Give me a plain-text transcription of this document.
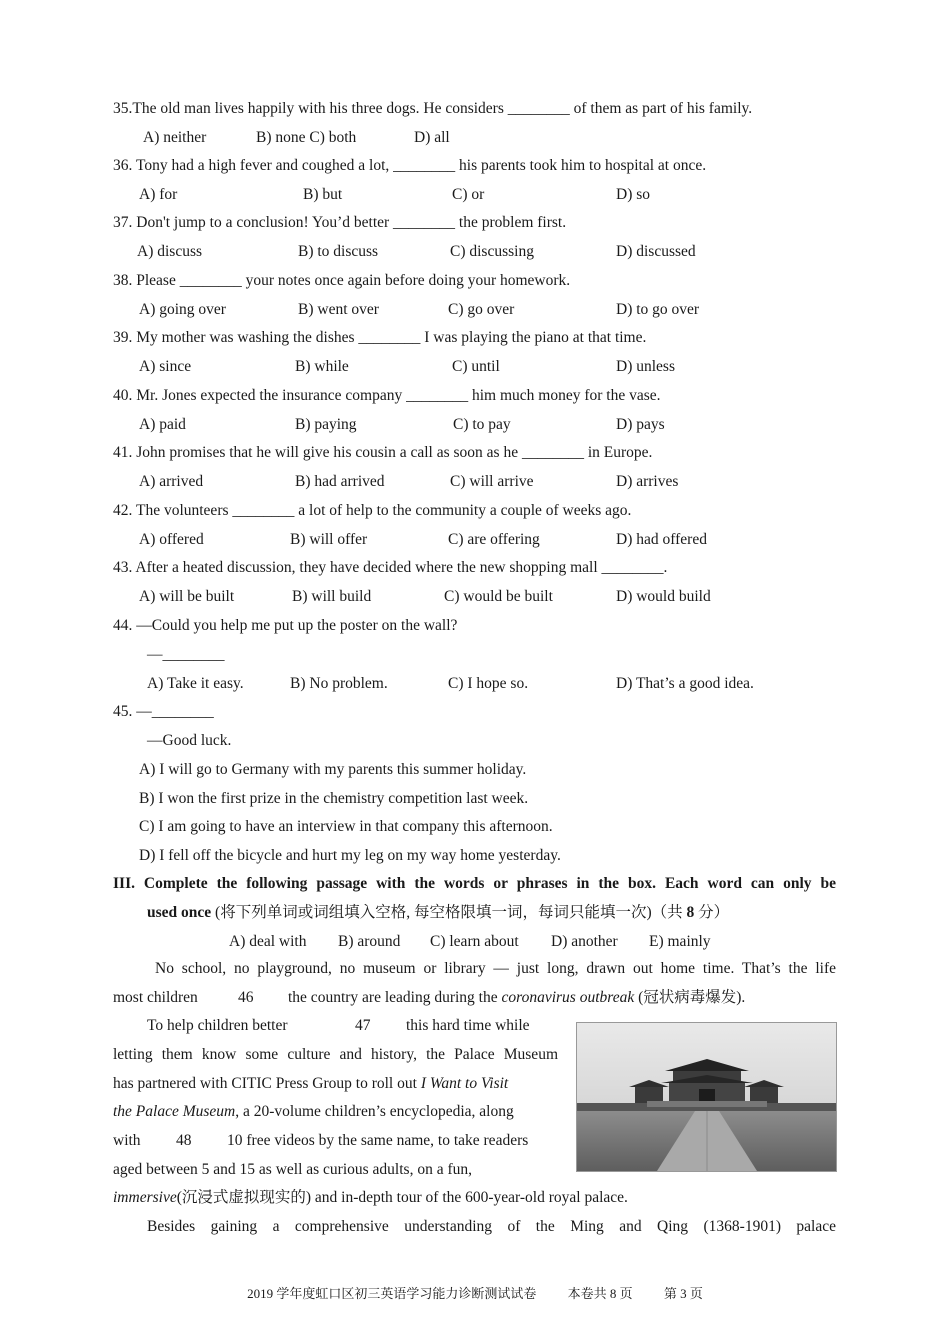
35.The old man lives happily with his three dogs. He considers ________ of them as part of his family.
A) neither	B) none C) both	D) all
36. Tony had a high fever and coughed a lot, ________ his parents took him to hospital at once.
A) for	B) but	C) or	D) so
37. Don't jump to a conclusion! You’d better ________ the problem first.
A) discuss	B) to discuss	C) discussing	D) discussed
38. Please ________ your notes once again before doing your homework.
A) going over	B) went over	C) go over	D) to go over
39. My mother was washing the dishes ________ I was playing the piano at that time.
A) since	B) while	C) until	D) unless
40. Mr. Jones expected the insurance company ________ him much money for the vase.
A) paid	B) paying	C) to pay	D) pays
41. John promises that he will give his cousin a call as soon as he ________ in Europe.
A) arrived	B) had arrived	C) will arrive	D) arrives
42. The volunteers ________ a lot of help to the community a couple of weeks ago.
A) offered	B) will offer	C) are offering	D) had offered
43. After a heated discussion, they have decided where the new shopping mall ________.
A) will be built	B) will build	C) would be built	D) would build
44. —Could you help me put up the poster on the wall?
—________
A) Take it easy.	B) No problem.	C) I hope so.	D) That’s a good idea.
45. —________
—Good luck.
A) I will go to Germany with my parents this summer holiday.
B) I won the first prize in the chemistry competition last week.
C) I am going to have an interview in that company this afternoon.
D) I fell off the bicycle and hurt my leg on my way home yesterday.
III. Complete the following passage with the words or phrases in the box. Each word can only be
used once (将下列单词或词组填入空格, 每空格限填一词，每词只能填一次)（共 8 分）
A) deal with B) around C) learn about D) another E) mainly
No school, no playground, no museum or library — just long, drawn out home time. That’s the life
most children	46 the country are leading during the coronavirus outbreak (冠状病毒爆发).
To help children better	47 this hard time while
letting them know some culture and history, the Palace Museum
has partnered with CITIC Press Group to roll out I Want to Visit
the Palace Museum, a 20-volume children’s encyclopedia, along
with 48 10 free videos by the same name, to take readers
aged between 5 and 15 as well as curious adults, on a fun,
immersive(沉浸式虚拟现实的) and in-depth tour of the 600-year-old royal palace.
Besides gaining a comprehensive understanding of the Ming and Qing (1368-1901) palace
2019 学年度虹口区初三英语学习能力诊断测试试卷 本卷共 8 页 第 3 页
